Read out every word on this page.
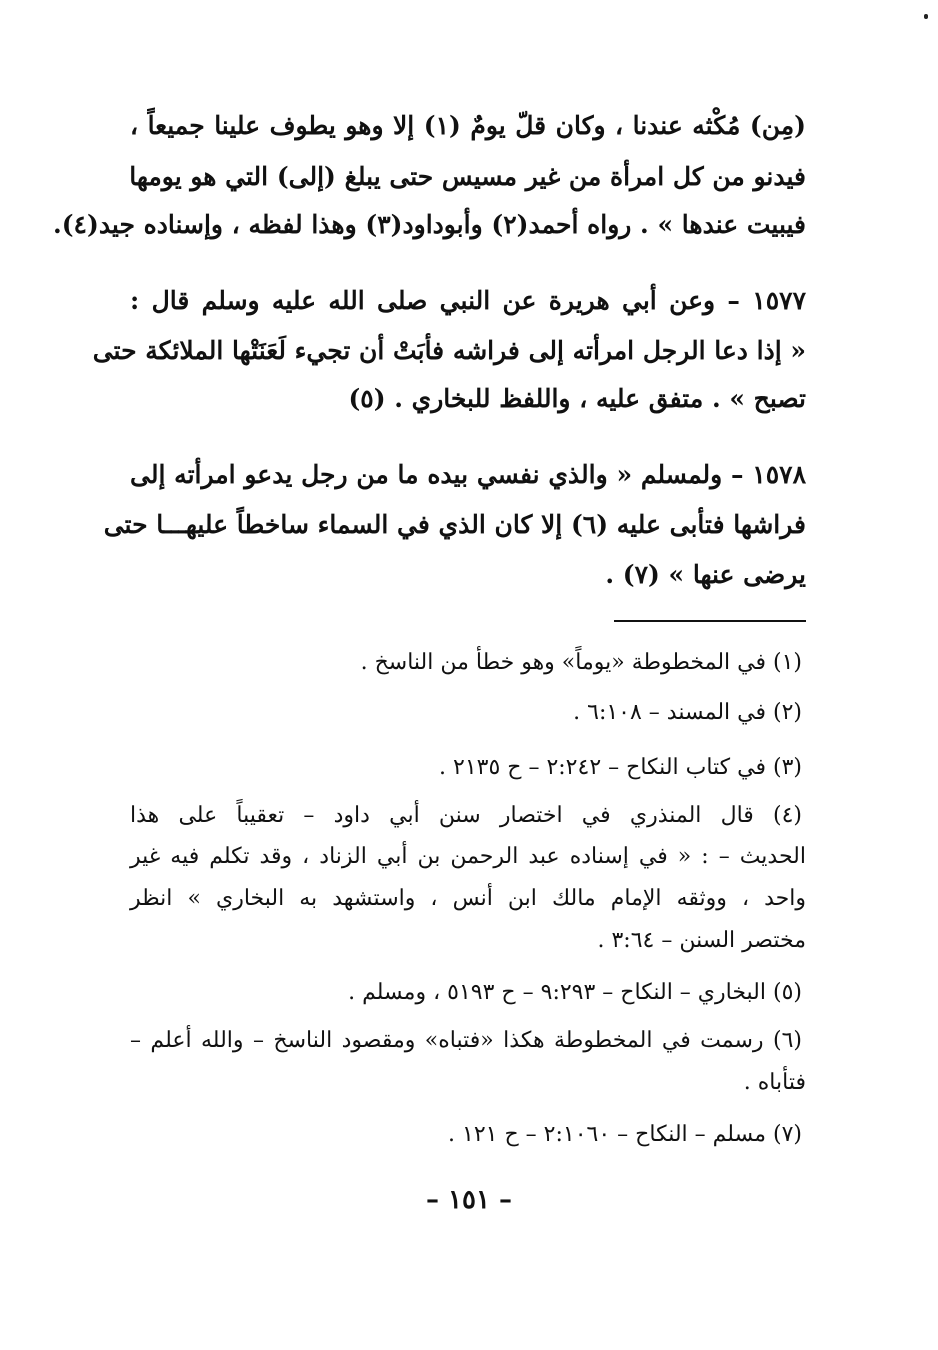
(مِن) مُكْثه عندنا ، وكان قلّ يومٌ (١) إلا وهو يطوف علينا جميعاً ،
فيدنو من كل امرأة من غير مسيس حتى يبلغ (إلى) التي هو يومها
فيبيت عندها » . رواه أحمد(٢) وأبوداود(٣) وهذا لفظه ، وإسناده جيد(٤).
١٥٧٧ – وعن أبي هريرة عن النبي صلى الله عليه وسلم قال :
« إذا دعا الرجل امرأته إلى فراشه فأبَتْ أن تجيء لَعَنَتْها الملائكة حتى
تصبح » . متفق عليه ، واللفظ للبخاري . (٥)
١٥٧٨ – ولمسلم « والذي نفسي بيده ما من رجل يدعو امرأته إلى
فراشها فتأبى عليه (٦) إلا كان الذي في السماء ساخطاً عليهـــا حتى
يرضى عنها » (٧) .
(١) في المخطوطة «يوماً» وهو خطأ من الناسخ .
(٢) في المسند – ٦:١٠٨ .
(٣) في كتاب النكاح – ٢:٢٤٢ – ح ٢١٣٥ .
(٤) قال المنذري في اختصار سنن أبي داود – تعقيباً على هذا
الحديث – : « في إسناده عبد الرحمن بن أبي الزناد ، وقد تكلم فيه غير
واحد ، ووثقه الإمام مالك ابن أنس ، واستشهد به البخاري » انظر
مختصر السنن – ٣:٦٤ .
(٥) البخاري – النكاح – ٩:٢٩٣ – ح ٥١٩٣ ، ومسلم .
(٦) رسمت في المخطوطة هكذا «فتباه» ومقصود الناسخ – والله أعلم –
فتأباه .
(٧) مسلم – النكاح – ٢:١٠٦٠ – ح ١٢١ .
– ١٥١ –
